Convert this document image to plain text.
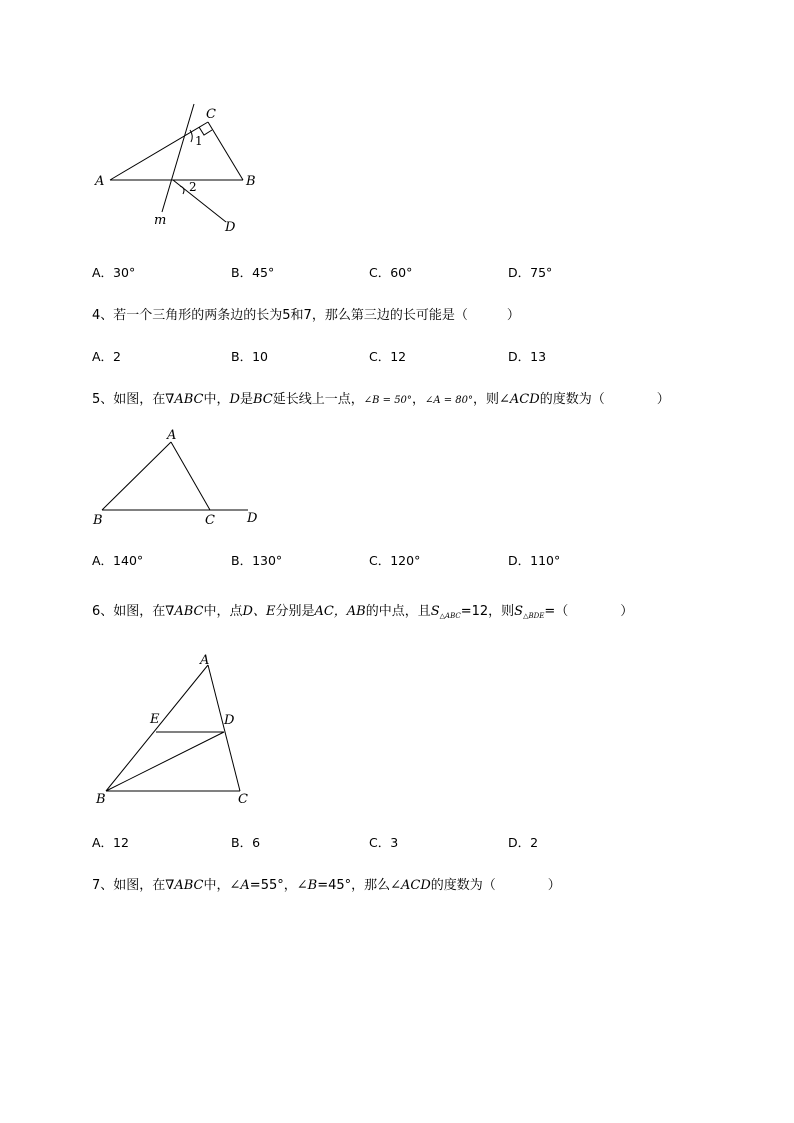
C
1
A	B
2
m	D
A．30°	B．45°	C．60°	D．75°
4、若一个三角形的两条边的长为5和7，那么第三边的长可能是（　　　）
A．2	B．10	C．12	D．13
5、如图，在∇ABC中，D是BC延长线上一点，∠B = 50°，∠A = 80°，则∠ACD的度数为（　　　　）
A
B	C D
A．140°	B．130°	C．120°	D．110°
6、如图，在∇ABC中，点D、E分别是AC，AB的中点，且$S_{\triangle ABC}=12$，则$S_{\triangle BDE}=$（　　　　）
A
E	D
B	C
A．12	B．6	C．3	D．2
7、如图，在∇ABC中，∠A=55°，∠B=45°，那么∠ACD的度数为（　　　　）
